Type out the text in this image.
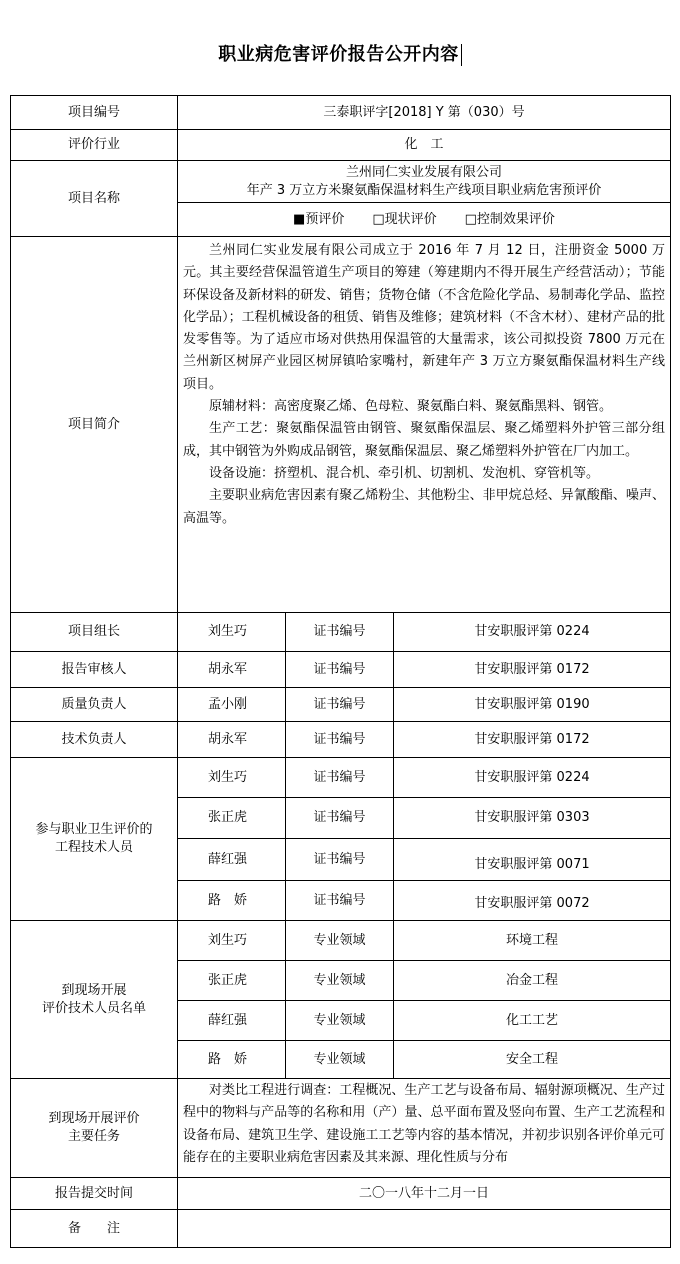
职业病危害评价报告公开内容
项目编号	三泰职评字[2018] Y 第（030）号
评价行业	化　工
项目名称
兰州同仁实业发展有限公司
年产 3 万立方米聚氨酯保温材料生产线项目职业病危害预评价
■预评价 □现状评价 □控制效果评价
项目简介

兰州同仁实业发展有限公司成立于 2016 年 7 月 12 日，注册资金 5000 万元。其主要经营保温管道生产项目的筹建（筹建期内不得开展生产经营活动）；节能环保设备及新材料的研发、销售；货物仓储（不含危险化学品、易制毒化学品、监控化学品）；工程机械设备的租赁、销售及维修；建筑材料（不含木材）、建材产品的批发零售等。为了适应市场对供热用保温管的大量需求，该公司拟投资 7800 万元在兰州新区树屏产业园区树屏镇哈家嘴村，新建年产 3 万立方聚氨酯保温材料生产线项目。

原辅材料：高密度聚乙烯、色母粒、聚氨酯白料、聚氨酯黑料、钢管。

生产工艺：聚氨酯保温管由钢管、聚氨酯保温层、聚乙烯塑料外护管三部分组成，其中钢管为外购成品钢管，聚氨酯保温层、聚乙烯塑料外护管在厂内加工。

设备设施：挤塑机、混合机、牵引机、切割机、发泡机、穿管机等。

主要职业病危害因素有聚乙烯粉尘、其他粉尘、非甲烷总烃、异氰酸酯、噪声、高温等。

项目组长	刘生巧	证书编号	甘安职服评第 0224
报告审核人	胡永军	证书编号	甘安职服评第 0172
质量负责人	孟小刚	证书编号	甘安职服评第 0190
技术负责人	胡永军	证书编号	甘安职服评第 0172
参与职业卫生评价的
工程技术人员
刘生巧	证书编号	甘安职服评第 0224
张正虎	证书编号	甘安职服评第 0303
薛红强	证书编号	甘安职服评第 0071
路　娇	证书编号	甘安职服评第 0072
到现场开展
评价技术人员名单
刘生巧	专业领域	环境工程
张正虎	专业领域	冶金工程
薛红强	专业领域	化工工艺
路　娇	专业领域	安全工程
到现场开展评价
主要任务

对类比工程进行调查：工程概况、生产工艺与设备布局、辐射源项概况、生产过程中的物料与产品等的名称和用（产）量、总平面布置及竖向布置、生产工艺流程和设备布局、建筑卫生学、建设施工工艺等内容的基本情况，并初步识别各评价单元可能存在的主要职业病危害因素及其来源、理化性质与分布

报告提交时间	二〇一八年十二月一日
备　　注
